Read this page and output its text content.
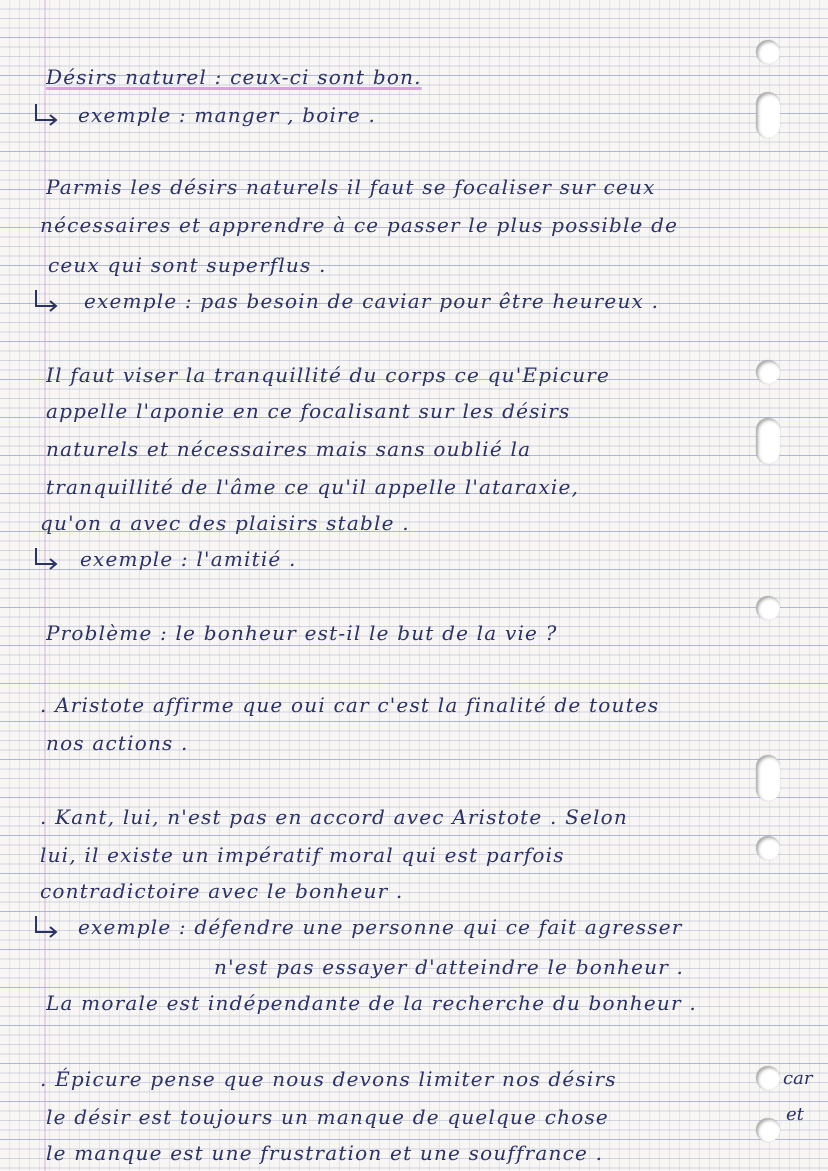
Désirs naturel : ceux-ci sont bon.
exemple : manger , boire .
Parmis les désirs naturels il faut se focaliser sur ceux
nécessaires et apprendre à ce passer le plus possible de
ceux qui sont superflus .
exemple : pas besoin de caviar pour être heureux .
Il faut viser la tranquillité du corps ce qu'Epicure
appelle l'aponie en ce focalisant sur les désirs
naturels et nécessaires mais sans oublié la
tranquillité de l'âme ce qu'il appelle l'ataraxie,
qu'on a avec des plaisirs stable .
exemple : l'amitié .
Problème : le bonheur est-il le but de la vie ?
. Aristote affirme que oui car c'est la finalité de toutes
nos actions .
. Kant, lui, n'est pas en accord avec Aristote . Selon
lui, il existe un impératif moral qui est parfois
contradictoire avec le bonheur .
exemple : défendre une personne qui ce fait agresser
n'est pas essayer d'atteindre le bonheur .
La morale est indépendante de la recherche du bonheur .
. Épicure pense que nous devons limiter nos désirs
le désir est toujours un manque de quelque chose
le manque est une frustration et une souffrance .
car
et
